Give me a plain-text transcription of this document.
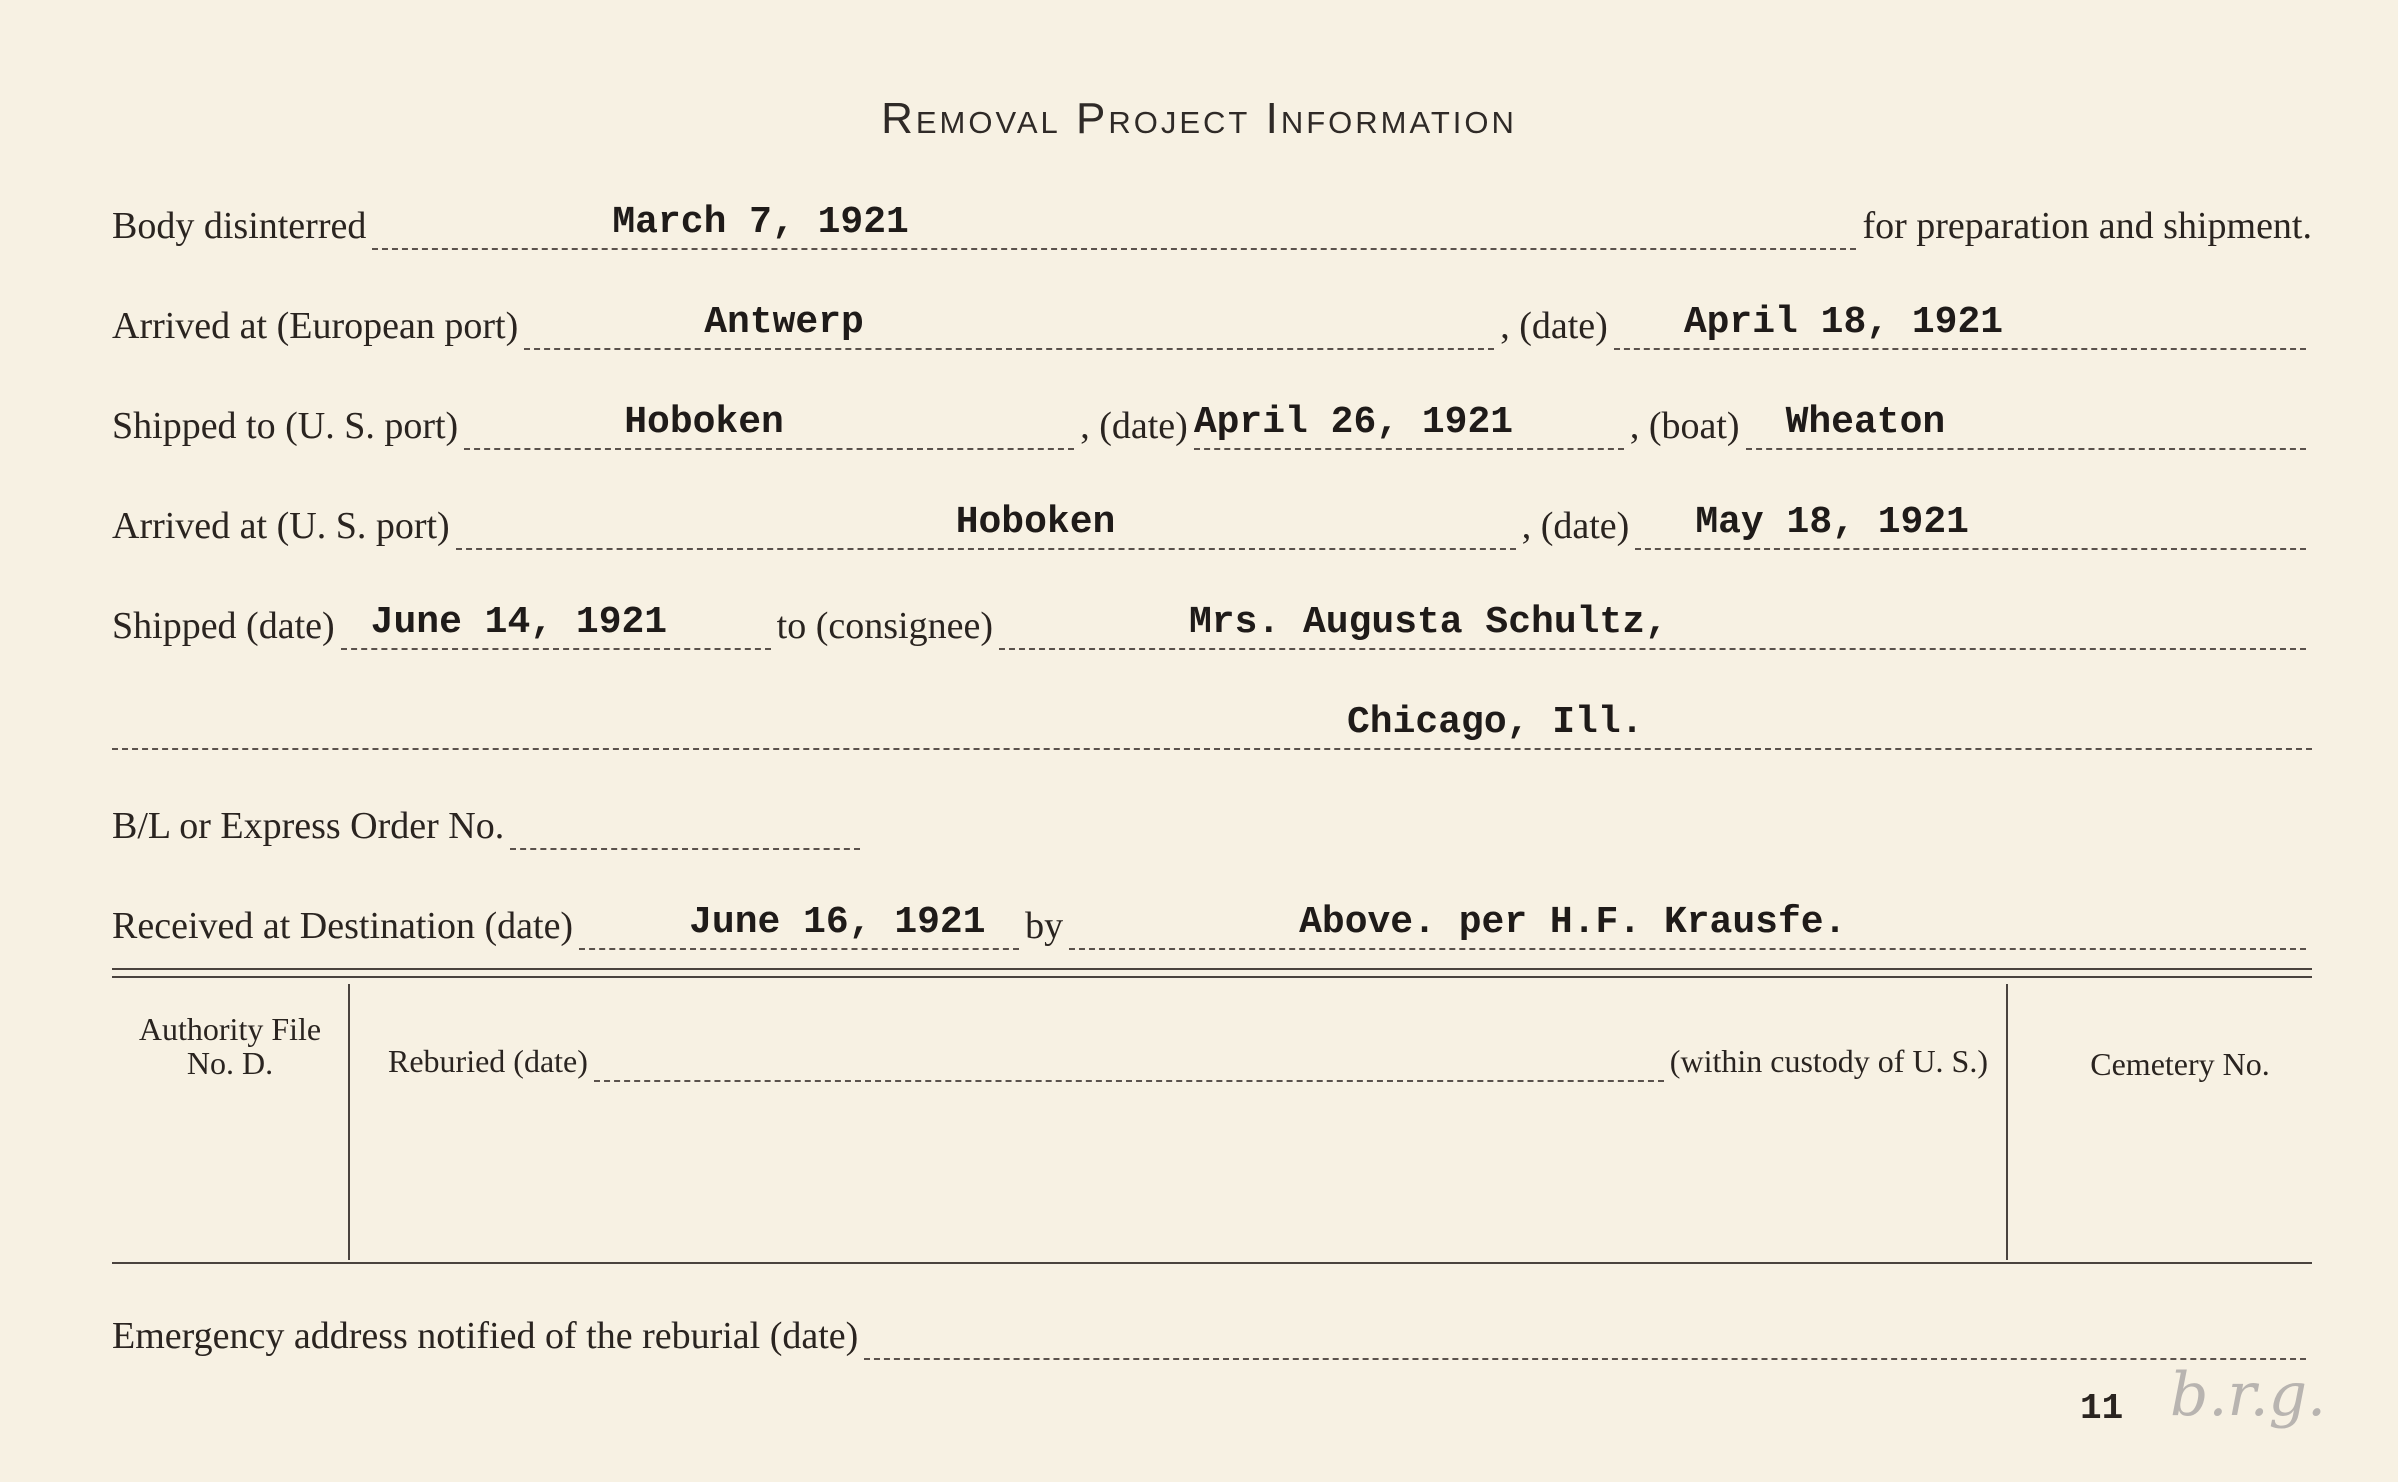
Removal Project Information
Body disinterred	March 7, 1921	for preparation and shipment.
Arrived at (European port)	Antwerp	, (date) April 18, 1921
Shipped to (U. S. port)	Hoboken	, (date) April 26, 1921	, (boat) Wheaton
Arrived at (U. S. port)	Hoboken	, (date) May 18, 1921
Shipped (date) June 14, 1921	to (consignee)	Mrs. Augusta Schultz,
Chicago, Ill.
B/L or Express Order No.
Received at Destination (date)	June 16, 1921 by	Above. per H.F. Krausfe.
Authority File No. D.	Reburied (date)	(within custody of U. S.)	Cemetery No.
Emergency address notified of the reburial (date)
11 b.r.g.
